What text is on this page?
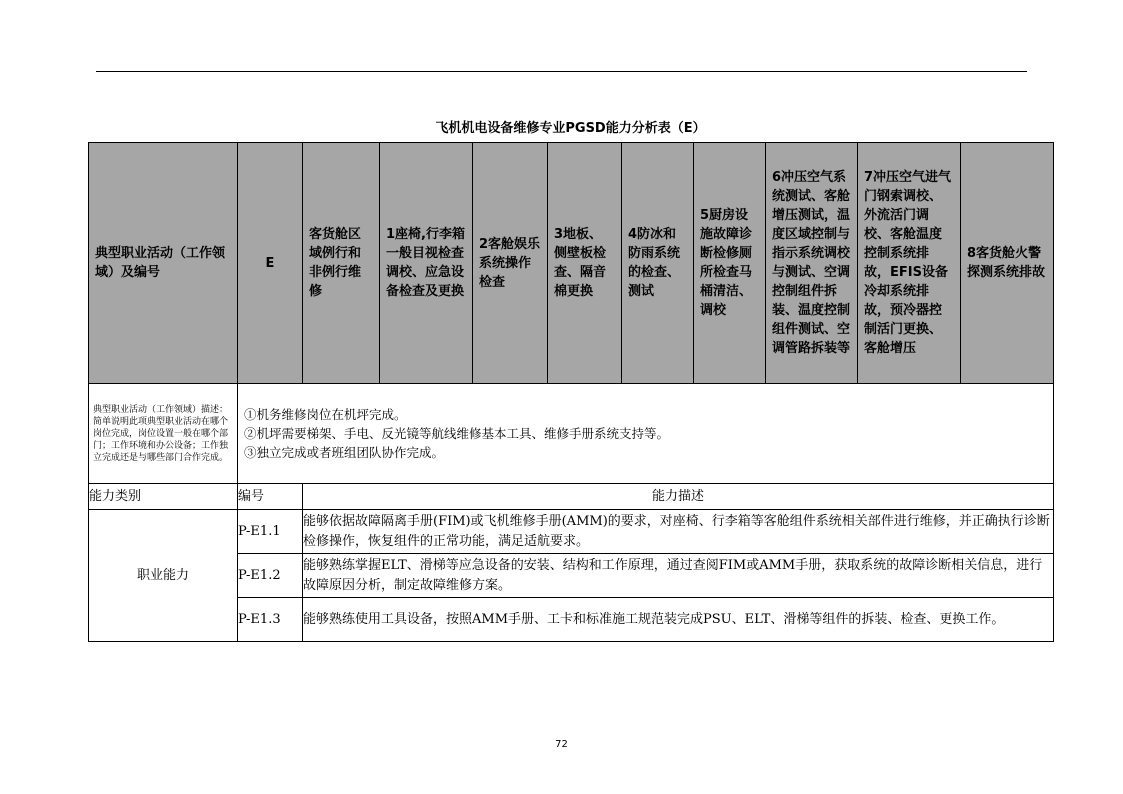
飞机机电设备维修专业PGSD能力分析表（E）
典型职业活动（工作领域）及编号	E	客货舱区域例行和非例行维修	1座椅,行李箱一般目视检查调校、应急设备检查及更换	2客舱娱乐系统操作检查	3地板、侧壁板检查、隔音棉更换	4防冰和防雨系统的检查、测试	5厨房设施故障诊断检修厕所检查马桶清洁、调校	6冲压空气系统测试、客舱增压测试，温度区域控制与指示系统调校与测试、空调控制组件拆装、温度控制组件测试、空调管路拆装等	7冲压空气进气门钢索调校、外流活门调校、客舱温度控制系统排故，EFIS设备冷却系统排故，预冷器控制活门更换、客舱增压	8客货舱火警探测系统排故

典型职业活动（工作领域）描述：简单说明此项典型职业活动在哪个岗位完成，岗位设置一般在哪个部门；工作环境和办公设备；工作独立完成还是与哪些部门合作完成。	①机务维修岗位在机坪完成。
②机坪需要梯架、手电、反光镜等航线维修基本工具、维修手册系统支持等。
③独立完成或者班组团队协作完成。									

能力类别	编号	能力描述								
职业能力	P-E1.1	能够依据故障隔离手册(FIM)或飞机维修手册(AMM)的要求，对座椅、行李箱等客舱组件系统相关部件进行维修，并正确执行诊断检修操作，恢复组件的正常功能，满足适航要求。								
	P-E1.2	能够熟练掌握ELT、滑梯等应急设备的安装、结构和工作原理，通过查阅FIM或AMM手册，获取系统的故障诊断相关信息，进行故障原因分析，制定故障维修方案。								
	P-E1.3	能够熟练使用工具设备，按照AMM手册、工卡和标准施工规范装完成PSU、ELT、滑梯等组件的拆装、检查、更换工作。								
72
